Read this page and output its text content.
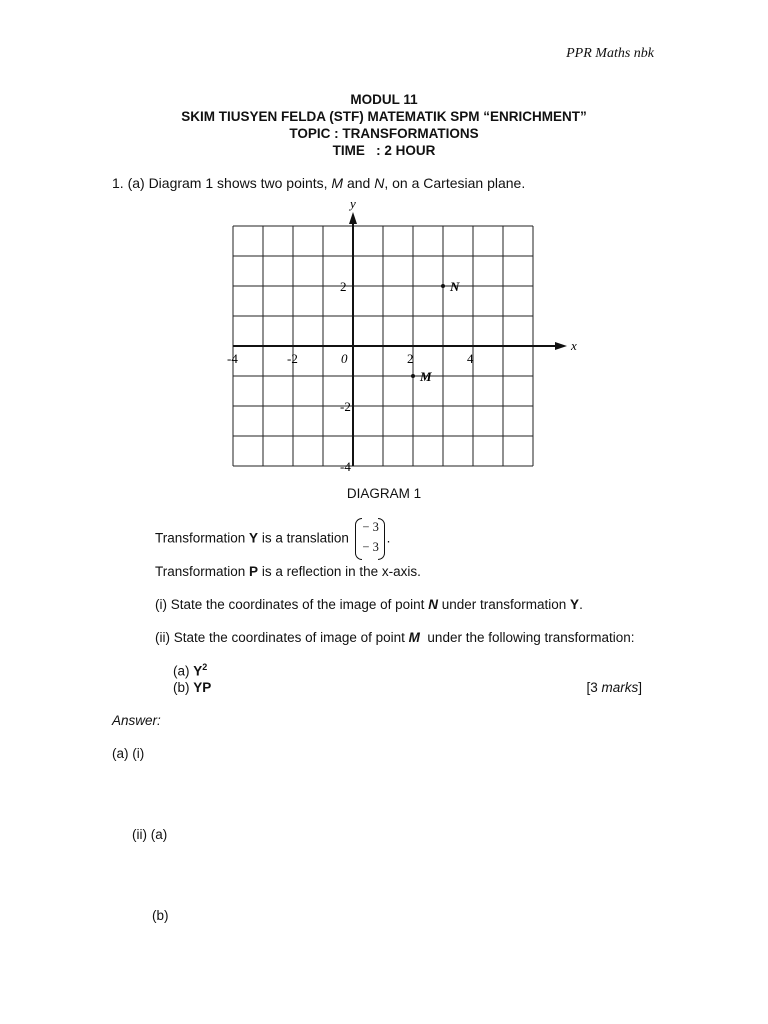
PPR Maths nbk
MODUL 11
SKIM TIUSYEN FELDA (STF) MATEMATIK SPM “ENRICHMENT”
TOPIC : TRANSFORMATIONS
TIME   : 2 HOUR
1. (a) Diagram 1 shows two points, M and N, on a Cartesian plane.
x
y
-4	-2	0	2	4
2
-2
-4
N
M
DIAGRAM 1
Transformation Y is a translation
− 3
− 3
.
Transformation P is a reflection in the x-axis.
(i) State the coordinates of the image of point N under transformation Y.
(ii) State the coordinates of image of point M under the following transformation:
(a) $Y^2$
(b) YP	[3 marks]
Answer:
(a) (i)
(ii) (a)
(b)
